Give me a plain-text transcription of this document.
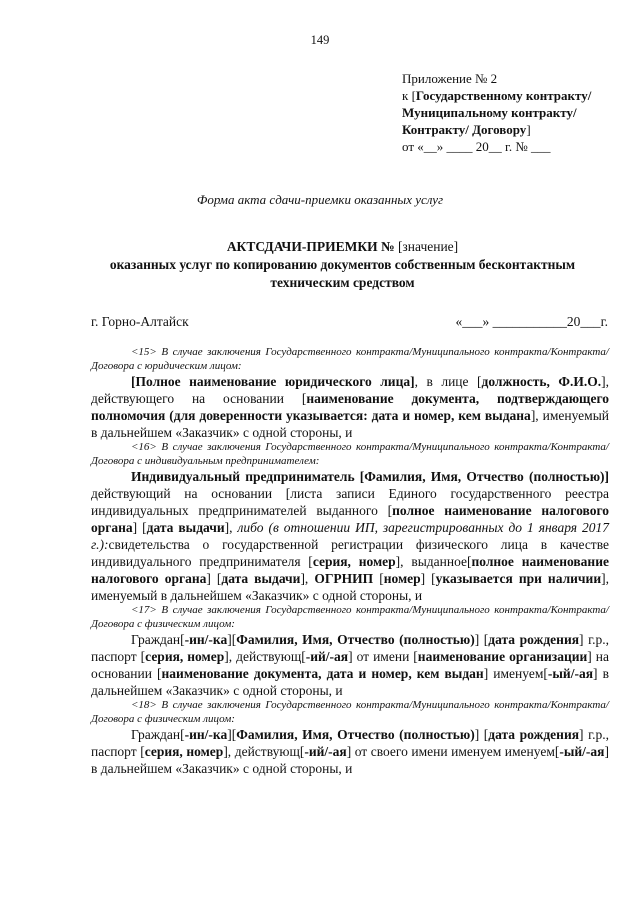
149
Приложение № 2
к [Государственному контракту/Муниципальному контракту/Контракту/ Договору]
от «__» ____ 20__ г. № ___
Форма акта сдачи-приемки оказанных услуг
АКТСДАЧИ-ПРИЕМКИ № [значение]
оказанных услуг по копированию документов собственным бесконтактным техническим средством
г. Горно-Алтайск	«___» ___________20___г.

<15> В случае заключения Государственного контракта/Муниципального контракта/Контракта/Договора с юридическим лицом:

[Полное наименование юридического лица], в лице [должность, Ф.И.О.], действующего на основании [наименование документа, подтверждающего полномочия (для доверенности указывается: дата и номер, кем выдана], именуемый в дальнейшем «Заказчик» с одной стороны, и

<16> В случае заключения Государственного контракта/Муниципального контракта/Контракта/Договора с индивидуальным предпринимателем:

Индивидуальный предприниматель [Фамилия, Имя, Отчество (полностью)] действующий на основании [листа записи Единого государственного реестра индивидуальных предпринимателей выданного [полное наименование налогового органа] [дата выдачи], либо (в отношении ИП, зарегистрированных до 1 января 2017 г.):свидетельства о государственной регистрации физического лица в качестве индивидуального предпринимателя [серия, номер], выданное[полное наименование налогового органа] [дата выдачи], ОГРНИП [номер] [указывается при наличии], именуемый в дальнейшем «Заказчик» с одной стороны, и

<17> В случае заключения Государственного контракта/Муниципального контракта/Контракта/Договора с физическим лицом:

Граждан[-ин/-ка][Фамилия, Имя, Отчество (полностью)] [дата рождения] г.р., паспорт [серия, номер], действующ[-ий/-ая] от имени [наименование организации] на основании [наименование документа, дата и номер, кем выдан] именуем[-ый/-ая] в дальнейшем «Заказчик» с одной стороны, и

<18> В случае заключения Государственного контракта/Муниципального контракта/Контракта/Договора с физическим лицом:

Граждан[-ин/-ка][Фамилия, Имя, Отчество (полностью)] [дата рождения] г.р., паспорт [серия, номер], действующ[-ий/-ая] от своего имени именуем именуем[-ый/-ая] в дальнейшем «Заказчик» с одной стороны, и
